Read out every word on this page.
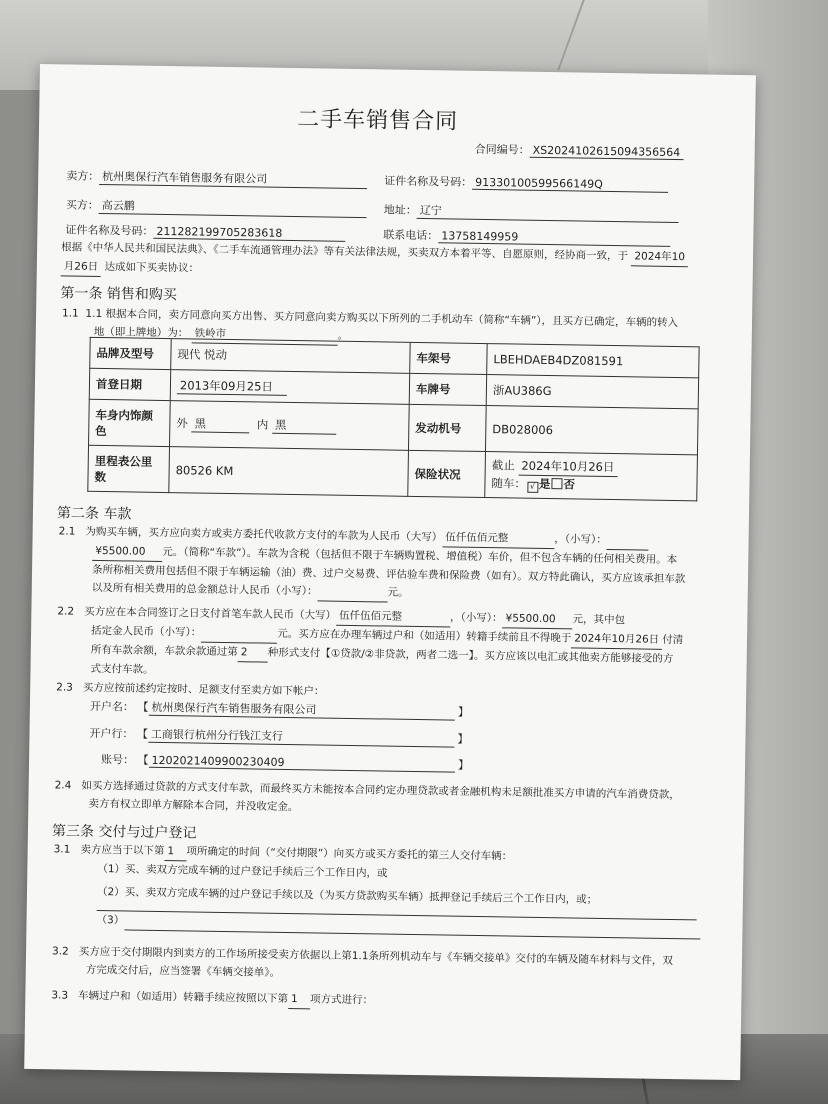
二手车销售合同
合同编号： XS2024102615094356564
卖方： 杭州奥保行汽车销售服务有限公司	证件名称及号码： 91330100599566149Q
买方： 高云鹏	地址： 辽宁
证件名称及号码： 211282199705283618	联系电话： 13758149959
根据《中华人民共和国民法典》、《二手车流通管理办法》等有关法律法规，买卖双方本着平等、自愿原则，经协商一致，于 2024年10
月26日 达成如下买卖协议：
第一条 销售和购买
1.1 1.1 根据本合同，卖方同意向买方出售、买方同意向卖方购买以下所列的二手机动车（简称“车辆”），且买方已确定，车辆的转入
地（即上牌地）为： 铁岭市	。
品牌及型号	现代 悦动	车架号	LBEHDAEB4DZ081591
首登日期	2013年09月25日	车牌号	浙AU386G
车身内饰颜色	外 黑 内 黑	发动机号	DB028006
里程表公里数	80526 KM	保险状况	截止 2024年10月26日
随车： √ 是 否
第二条 车款
2.1 为购买车辆，买方应向卖方或卖方委托代收款方支付的车款为人民币（大写） 伍仟伍佰元整	，（小写）：
¥5500.00 元。（简称“车款”）。车款为含税（包括但不限于车辆购置税、增值税）车价，但不包含车辆的任何相关费用。本
条所称相关费用包括但不限于车辆运输（油）费、过户交易费、评估验车费和保险费（如有）。双方特此确认，买方应该承担车款
以及所有相关费用的总金额总计人民币（小写）：	元。
2.2 买方应在本合同签订之日支付首笔车款人民币（大写） 伍仟伍佰元整	，（小写）： ¥5500.00 元，其中包
括定金人民币（小写）：	元。买方应在办理车辆过户和（如适用）转籍手续前且不得晚于 2024年10月26日 付清
所有车款余额，车款余款通过第 2 种形式支付【①贷款/②非贷款，两者二选一】。买方应该以电汇或其他卖方能够接受的方
式支付车款。
2.3 买方应按前述约定按时、足额支付至卖方如下帐户：
开户名： 【 杭州奥保行汽车销售服务有限公司	】
开户行： 【 工商银行杭州分行钱江支行	】
账号： 【 1202021409900230409	】
2.4 如买方选择通过贷款的方式支付车款，而最终买方未能按本合同约定办理贷款或者金融机构未足额批准买方申请的汽车消费贷款，
卖方有权立即单方解除本合同，并没收定金。
第三条 交付与过户登记
3.1 卖方应当于以下第 1 项所确定的时间（“交付期限”）向买方或买方委托的第三人交付车辆：
（1）买、卖双方完成车辆的过户登记手续后三个工作日内，或
（2）买、卖双方完成车辆的过户登记手续以及（为买方贷款购买车辆）抵押登记手续后三个工作日内，或；
（3）
3.2 买方应于交付期限内到卖方的工作场所接受卖方依据以上第1.1条所列机动车与《车辆交接单》交付的车辆及随车材料与文件，双
方完成交付后，应当签署《车辆交接单》。
3.3 车辆过户和（如适用）转籍手续应按照以下第 1 项方式进行：
